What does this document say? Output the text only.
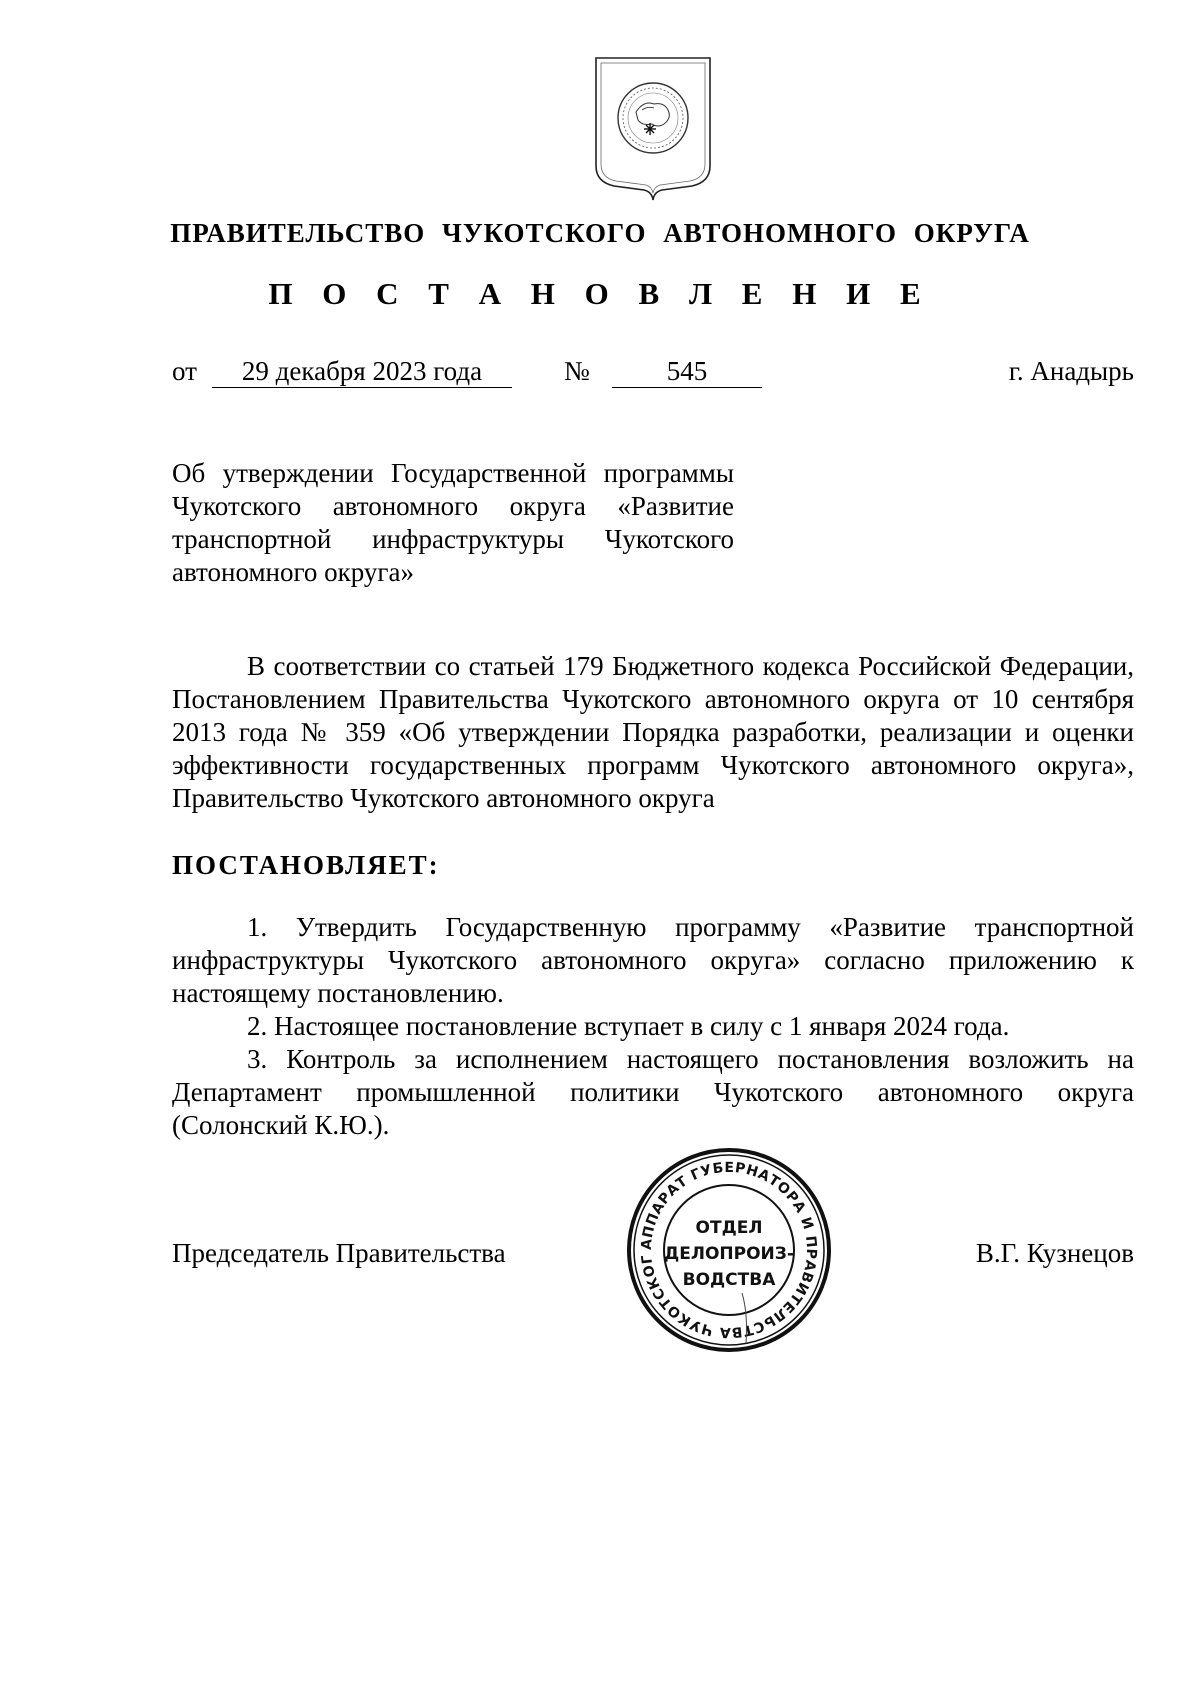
ПРАВИТЕЛЬСТВО ЧУКОТСКОГО АВТОНОМНОГО ОКРУГА
П О С Т А Н О В Л Е Н И Е
от	29 декабря 2023 года	№	545	г. Анадырь
Об утверждении Государственной программы Чукотского автономного округа «Развитие транспортной инфраструктуры Чукотского автономного округа»
В соответствии со статьей 179 Бюджетного кодекса Российской Федерации, Постановлением Правительства Чукотского автономного округа от 10 сентября 2013 года № 359 «Об утверждении Порядка разработки, реализации и оценки эффективности государственных программ Чукотского автономного округа», Правительство Чукотского автономного округа
ПОСТАНОВЛЯЕТ:

1. Утвердить Государственную программу «Развитие транспортной инфраструктуры Чукотского автономного округа» согласно приложению к настоящему постановлению.

2. Настоящее постановление вступает в силу с 1 января 2024 года.

3. Контроль за исполнением настоящего постановления возложить на Департамент промышленной политики Чукотского автономного округа (Солонский К.Ю.).

Председатель Правительства	В.Г. Кузнецов
АППАРАТ ГУБЕРНАТОРА И ПРАВИТЕЛЬСТВА ЧУКОТСКОГ
ОТДЕЛ
ДЕЛОПРОИЗ-
ВОДСТВА
